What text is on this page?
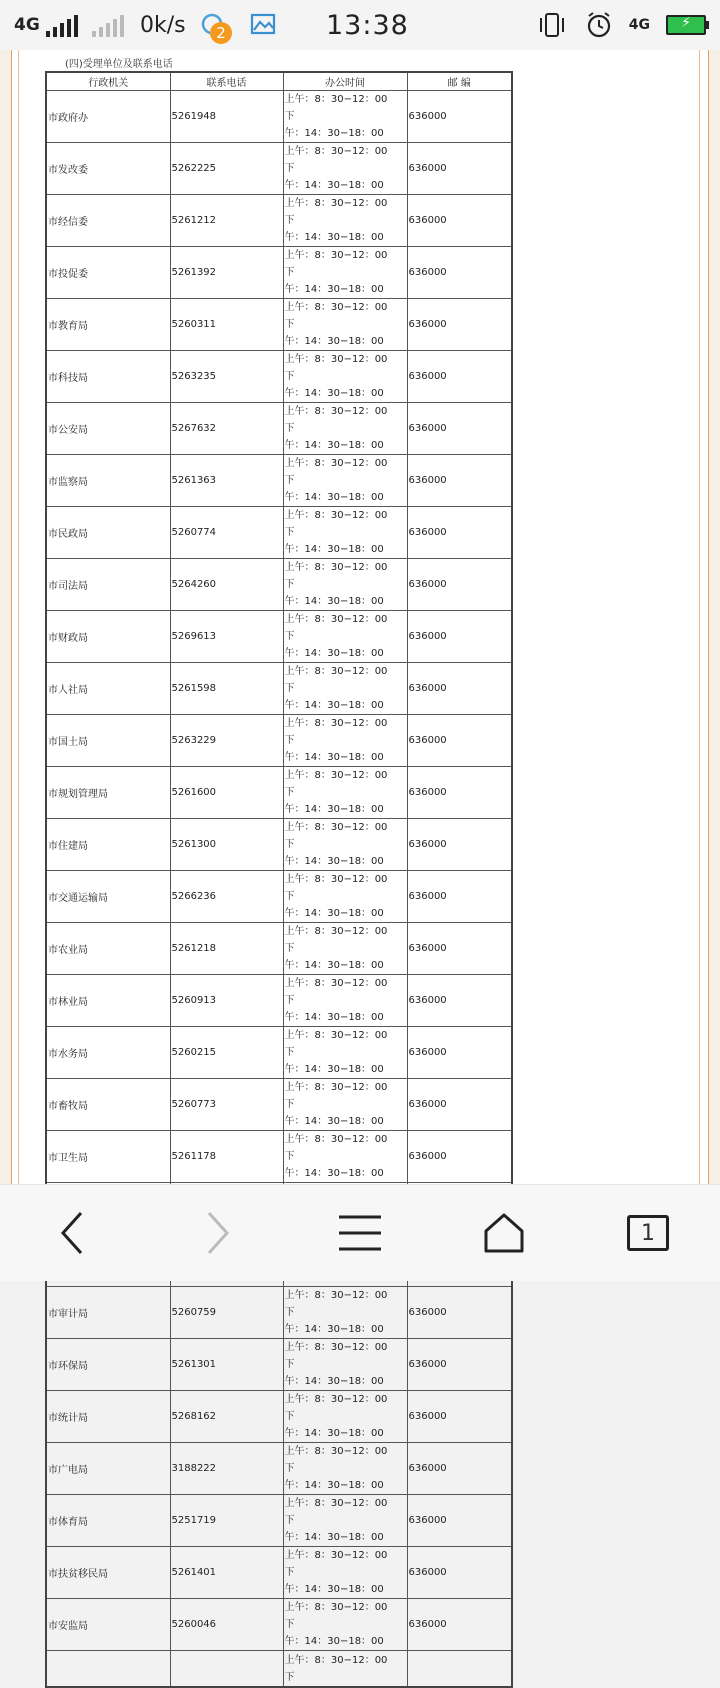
4G	0k/s	2	13:38	4G	⚡
(四)受理单位及联系电话
行政机关	联系电话	办公时间	邮 编
市政府办	5261948	上午：8：30−12：00　下
午：14：30−18：00	636000
市发改委	5262225	上午：8：30−12：00　下
午：14：30−18：00	636000
市经信委	5261212	上午：8：30−12：00　下
午：14：30−18：00	636000
市投促委	5261392	上午：8：30−12：00　下
午：14：30−18：00	636000
市教育局	5260311	上午：8：30−12：00　下
午：14：30−18：00	636000
市科技局	5263235	上午：8：30−12：00　下
午：14：30−18：00	636000
市公安局	5267632	上午：8：30−12：00　下
午：14：30−18：00	636000
市监察局	5261363	上午：8：30−12：00　下
午：14：30−18：00	636000
市民政局	5260774	上午：8：30−12：00　下
午：14：30−18：00	636000
市司法局	5264260	上午：8：30−12：00　下
午：14：30−18：00	636000
市财政局	5269613	上午：8：30−12：00　下
午：14：30−18：00	636000
市人社局	5261598	上午：8：30−12：00　下
午：14：30−18：00	636000
市国土局	5263229	上午：8：30−12：00　下
午：14：30−18：00	636000
市规划管理局	5261600	上午：8：30−12：00　下
午：14：30−18：00	636000
市住建局	5261300	上午：8：30−12：00　下
午：14：30−18：00	636000
市交通运输局	5266236	上午：8：30−12：00　下
午：14：30−18：00	636000
市农业局	5261218	上午：8：30−12：00　下
午：14：30−18：00	636000
市林业局	5260913	上午：8：30−12：00　下
午：14：30−18：00	636000
市水务局	5260215	上午：8：30−12：00　下
午：14：30−18：00	636000
市畜牧局	5260773	上午：8：30−12：00　下
午：14：30−18：00	636000
市卫生局	5261178	上午：8：30−12：00　下
午：14：30−18：00	636000

市审计局	5260759	上午：8：30−12：00　下
午：14：30−18：00	636000
市环保局	5261301	上午：8：30−12：00　下
午：14：30−18：00	636000
市统计局	5268162	上午：8：30−12：00　下
午：14：30−18：00	636000
市广电局	3188222	上午：8：30−12：00　下
午：14：30−18：00	636000
市体育局	5251719	上午：8：30−12：00　下
午：14：30−18：00	636000
市扶贫移民局	5261401	上午：8：30−12：00　下
午：14：30−18：00	636000
市安监局	5260046	上午：8：30−12：00　下
午：14：30−18：00	636000

		上午：8：30−12：00　下	

1
